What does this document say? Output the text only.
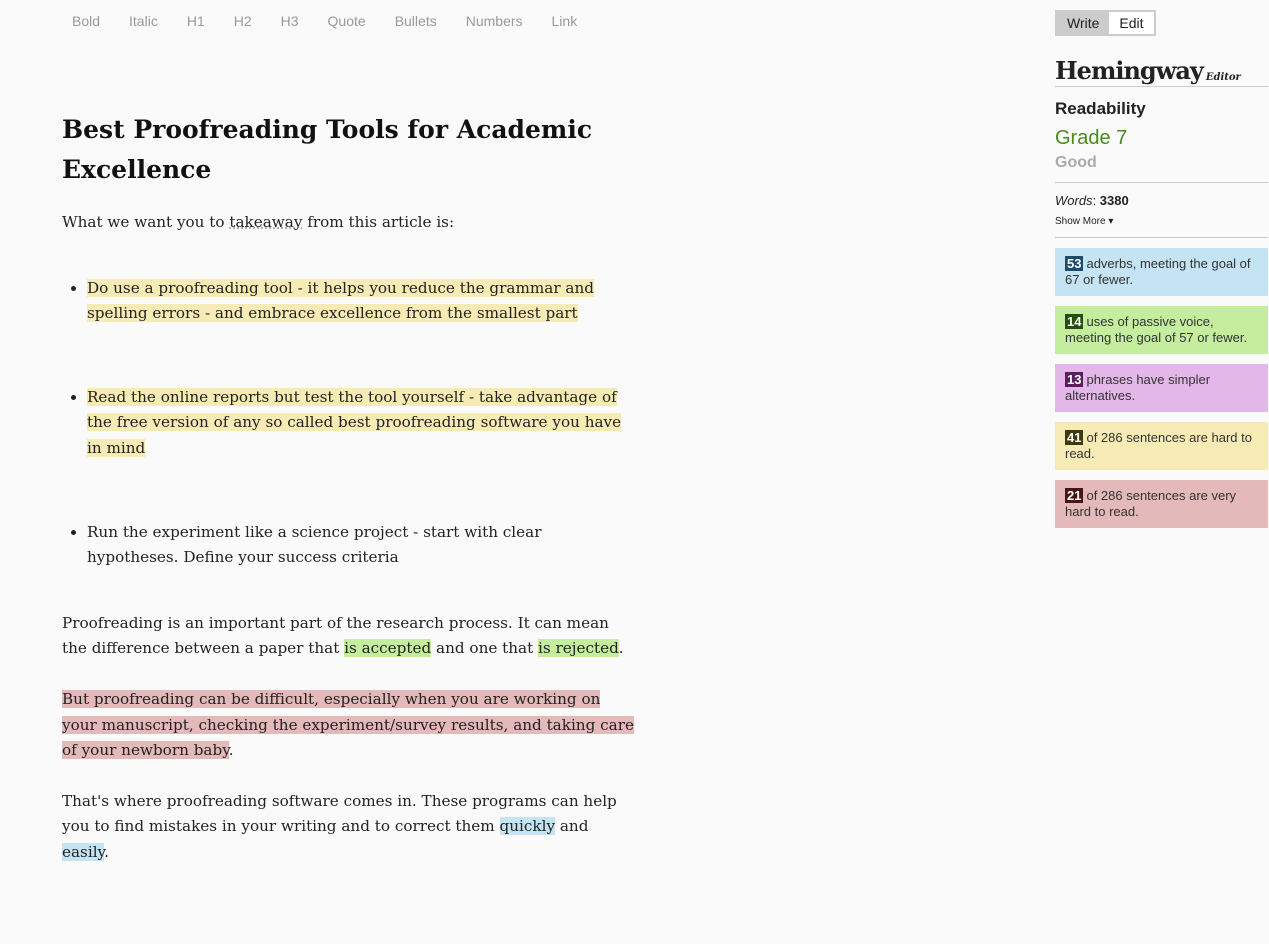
Bold Italic H1 H2 H3 Quote Bullets Numbers Link
Best Proofreading Tools for Academic Excellence

What we want you to takeaway from this article is:

• Do use a proofreading tool - it helps you reduce the grammar and spelling errors - and embrace excellence from the smallest part
• Read the online reports but test the tool yourself - take advantage of the free version of any so called best proofreading software you have in mind
• Run the experiment like a science project - start with clear hypotheses. Define your success criteria

Proofreading is an important part of the research process. It can mean the difference between a paper that is accepted and one that is rejected.

But proofreading can be difficult, especially when you are working on your manuscript, checking the experiment/survey results, and taking care of your newborn baby.

That's where proofreading software comes in. These programs can help you to find mistakes in your writing and to correct them quickly and easily.

Write	Edit
Hemingway Editor
Readability
Grade 7
Good
Words: 3380
Show More ▾
53 adverbs, meeting the goal of 67 or fewer.
14 uses of passive voice, meeting the goal of 57 or fewer.
13 phrases have simpler alternatives.
41 of 286 sentences are hard to read.
21 of 286 sentences are very hard to read.
